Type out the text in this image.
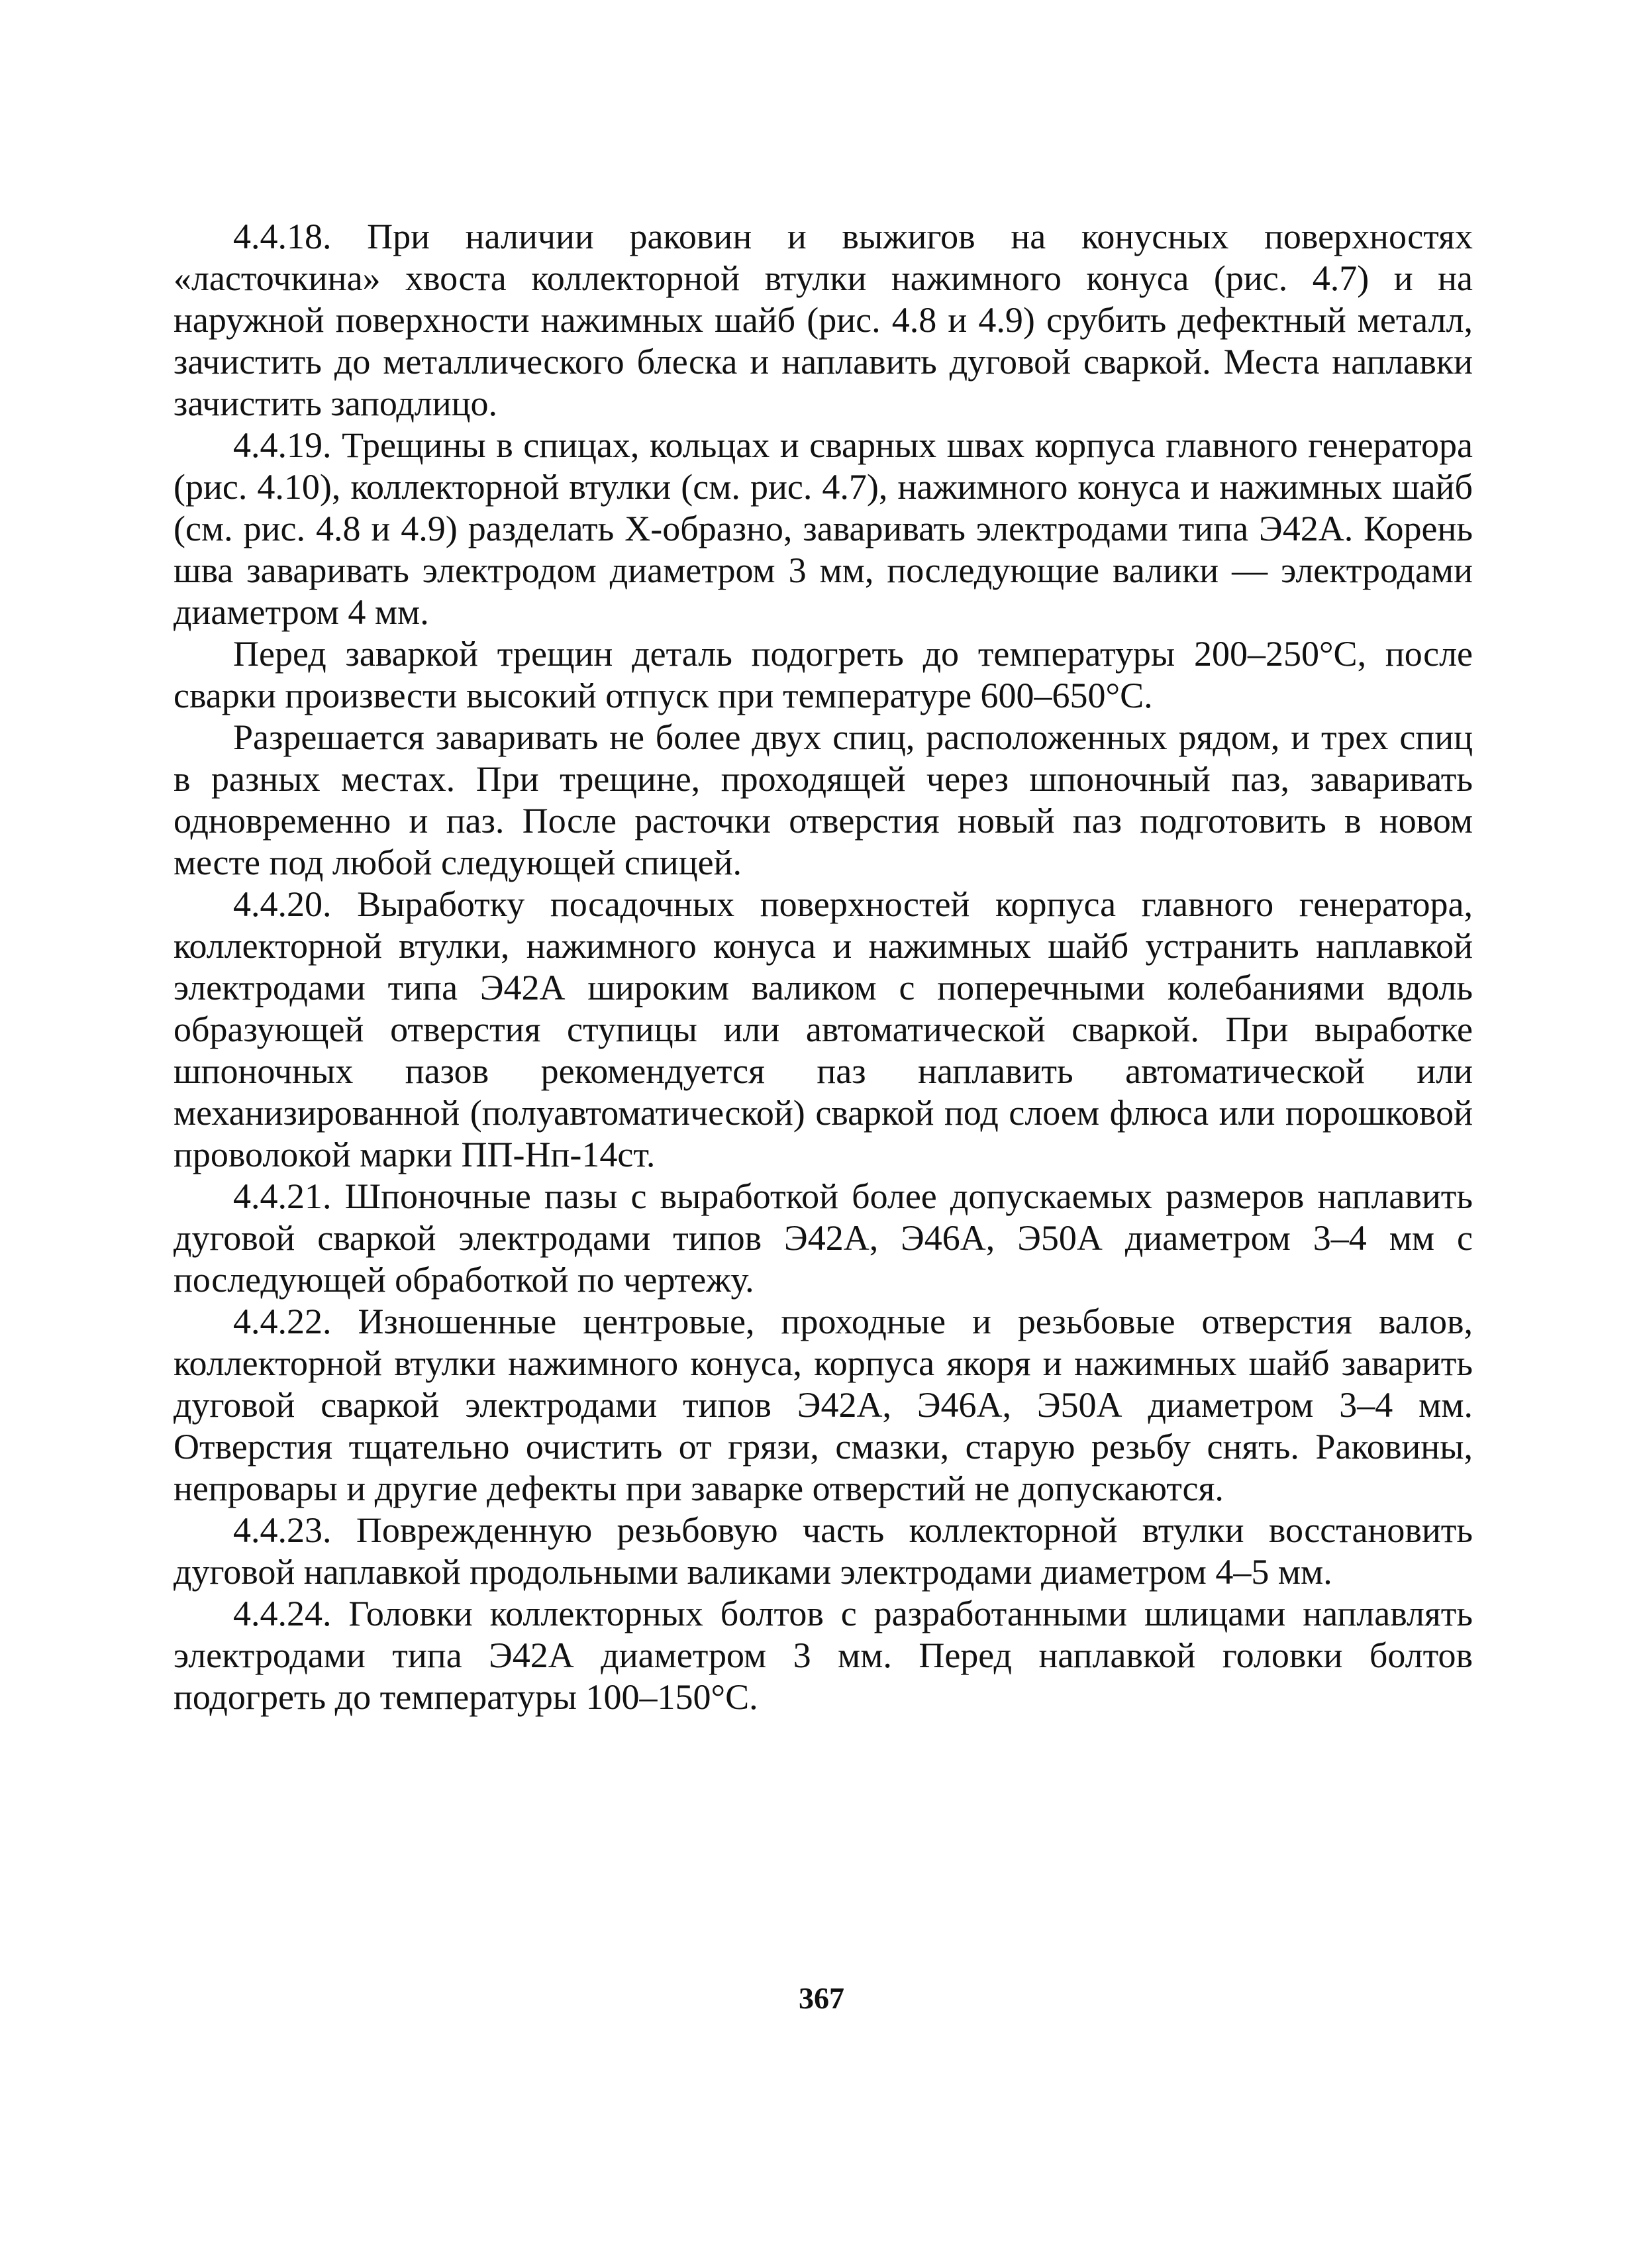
4.4.18. При наличии раковин и выжигов на конусных поверхностях «ласточкина» хвоста коллекторной втулки нажимного конуса (рис. 4.7) и на наружной поверхности нажимных шайб (рис. 4.8 и 4.9) срубить дефектный металл, зачистить до металлического блеска и наплавить дуговой сваркой. Места наплавки зачистить заподлицо.

4.4.19. Трещины в спицах, кольцах и сварных швах корпуса главного генератора (рис. 4.10), коллекторной втулки (см. рис. 4.7), нажимного конуса и нажимных шайб (см. рис. 4.8 и 4.9) разделать Х-образно, заваривать электродами типа Э42А. Корень шва заваривать электродом диаметром 3 мм, последующие валики — электродами диаметром 4 мм.

Перед заваркой трещин деталь подогреть до температуры 200–250°С, после сварки произвести высокий отпуск при температуре 600–650°С.

Разрешается заваривать не более двух спиц, расположенных рядом, и трех спиц в разных местах. При трещине, проходящей через шпоночный паз, заваривать одновременно и паз. После расточки отверстия новый паз подготовить в новом месте под любой следующей спицей.

4.4.20. Выработку посадочных поверхностей корпуса главного генератора, коллекторной втулки, нажимного конуса и нажимных шайб устранить наплавкой электродами типа Э42А широким валиком с поперечными колебаниями вдоль образующей отверстия ступицы или автоматической сваркой. При выработке шпоночных пазов рекомендуется паз наплавить автоматической или механизированной (полуавтоматической) сваркой под слоем флюса или порошковой проволокой марки ПП-Нп-14ст.

4.4.21. Шпоночные пазы с выработкой более допускаемых размеров наплавить дуговой сваркой электродами типов Э42А, Э46А, Э50А диаметром 3–4 мм с последующей обработкой по чертежу.

4.4.22. Изношенные центровые, проходные и резьбовые отверстия валов, коллекторной втулки нажимного конуса, корпуса якоря и нажимных шайб заварить дуговой сваркой электродами типов Э42А, Э46А, Э50А диаметром 3–4 мм. Отверстия тщательно очистить от грязи, смазки, старую резьбу снять. Раковины, непровары и другие дефекты при заварке отверстий не допускаются.

4.4.23. Поврежденную резьбовую часть коллекторной втулки восстановить дуговой наплавкой продольными валиками электродами диаметром 4–5 мм.

4.4.24. Головки коллекторных болтов с разработанными шлицами наплавлять электродами типа Э42А диаметром 3 мм. Перед наплавкой головки болтов подогреть до температуры 100–150°С.

367
